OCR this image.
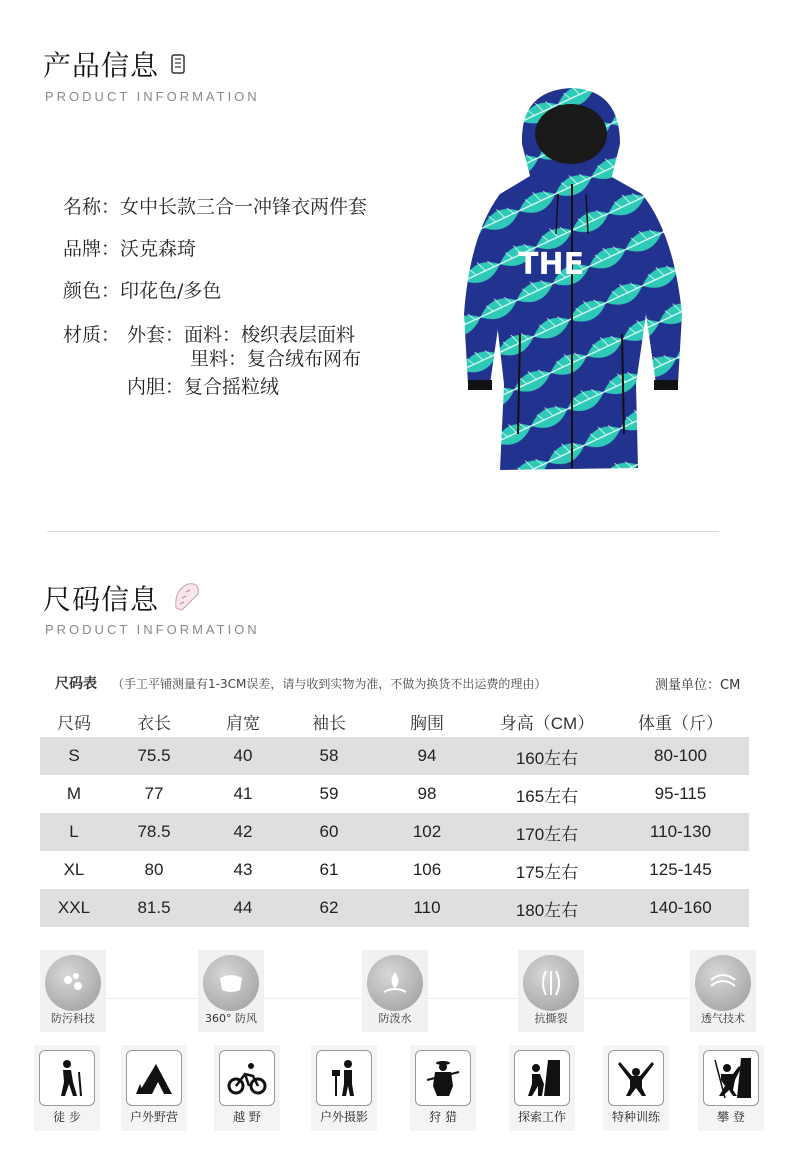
产品信息
PRODUCT INFORMATION
名称：女中长款三合一冲锋衣两件套
品牌：沃克森琦
颜色：印花色/多色
材质： 外套：面料：梭织表层面料
里料：复合绒布网布
内胆：复合摇粒绒
THE
尺码信息
PRODUCT INFORMATION
尺码表 （手工平铺测量有1-3CM误差，请与收到实物为准，不做为换货不出运费的理由）	测量单位：CM
尺码	衣长	肩宽	袖长	胸围	身高（CM）	体重（斤）
S	75.5	40	58	94	160左右	80-100
M	77	41	59	98	165左右	95-115
L	78.5	42	60	102	170左右	110-130
XL	80	43	61	106	175左右	125-145
XXL	81.5	44	62	110	180左右	140-160
防污科技	360° 防风	防泼水	抗撕裂	透气技术
徒 步	户外野营	越 野	户外摄影	狩 猎	探索工作	特种训练	攀 登
